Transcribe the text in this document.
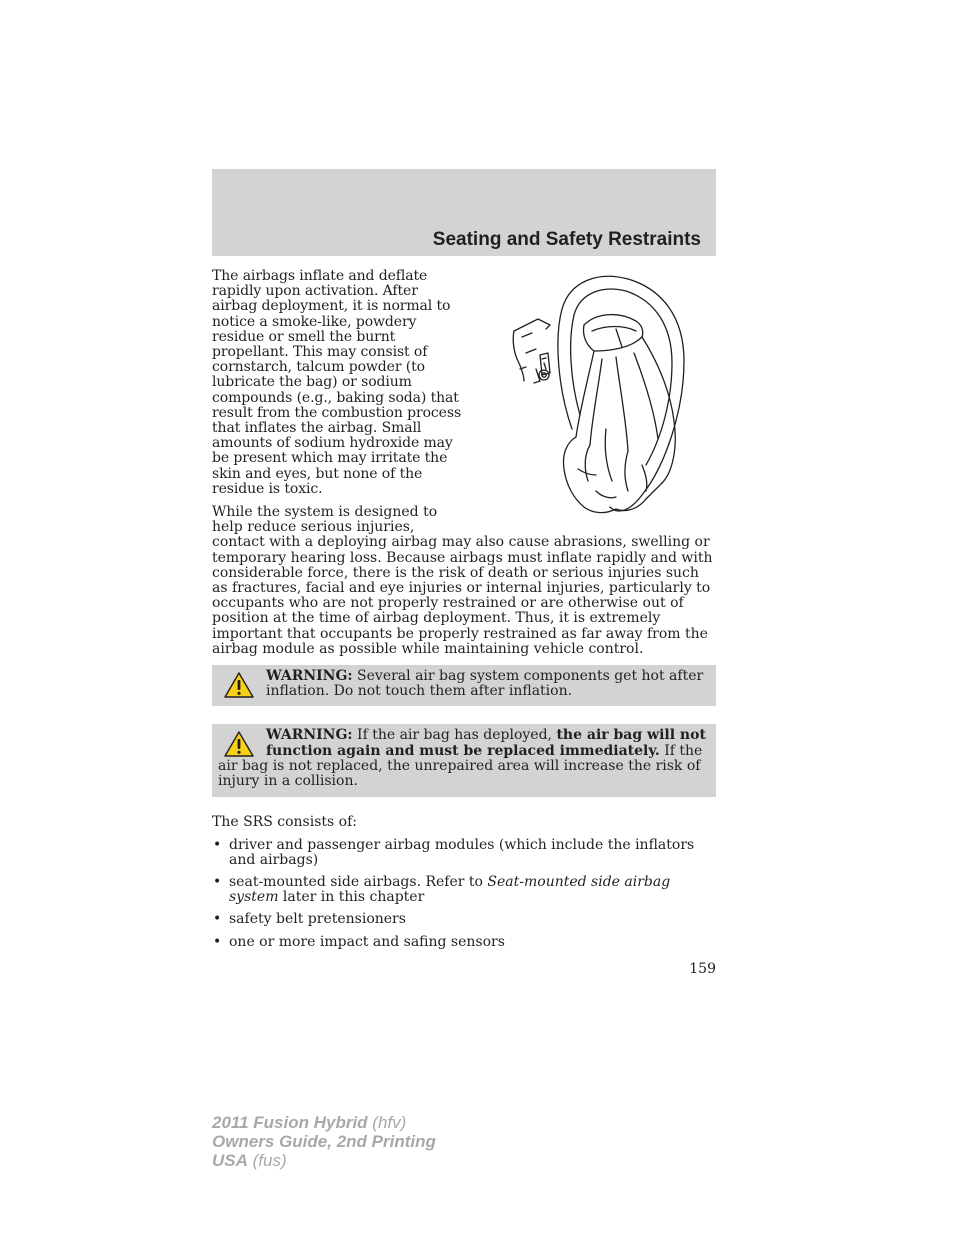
Seating and Safety Restraints

The airbags inflate and deflate rapidly upon activation. After airbag deployment, it is normal to notice a smoke-like, powdery residue or smell the burnt propellant. This may consist of cornstarch, talcum powder (to lubricate the bag) or sodium compounds (e.g., baking soda) that result from the combustion process that inflates the airbag. Small amounts of sodium hydroxide may be present which may irritate the skin and eyes, but none of the residue is toxic.

While the system is designed to help reduce serious injuries, contact with a deploying airbag may also cause abrasions, swelling or temporary hearing loss. Because airbags must inflate rapidly and with considerable force, there is the risk of death or serious injuries such as fractures, facial and eye injuries or internal injuries, particularly to occupants who are not properly restrained or are otherwise out of position at the time of airbag deployment. Thus, it is extremely important that occupants be properly restrained as far away from the airbag module as possible while maintaining vehicle control.

WARNING: Several air bag system components get hot after inflation. Do not touch them after inflation.
WARNING: If the air bag has deployed, the air bag will not function again and must be replaced immediately. If the air bag is not replaced, the unrepaired area will increase the risk of injury in a collision.

The SRS consists of:

• driver and passenger airbag modules (which include the inflators and airbags)
• seat-mounted side airbags. Refer to Seat-mounted side airbag system later in this chapter
• safety belt pretensioners
• one or more impact and safing sensors
159
2011 Fusion Hybrid (hfv)
Owners Guide, 2nd Printing
USA (fus)
